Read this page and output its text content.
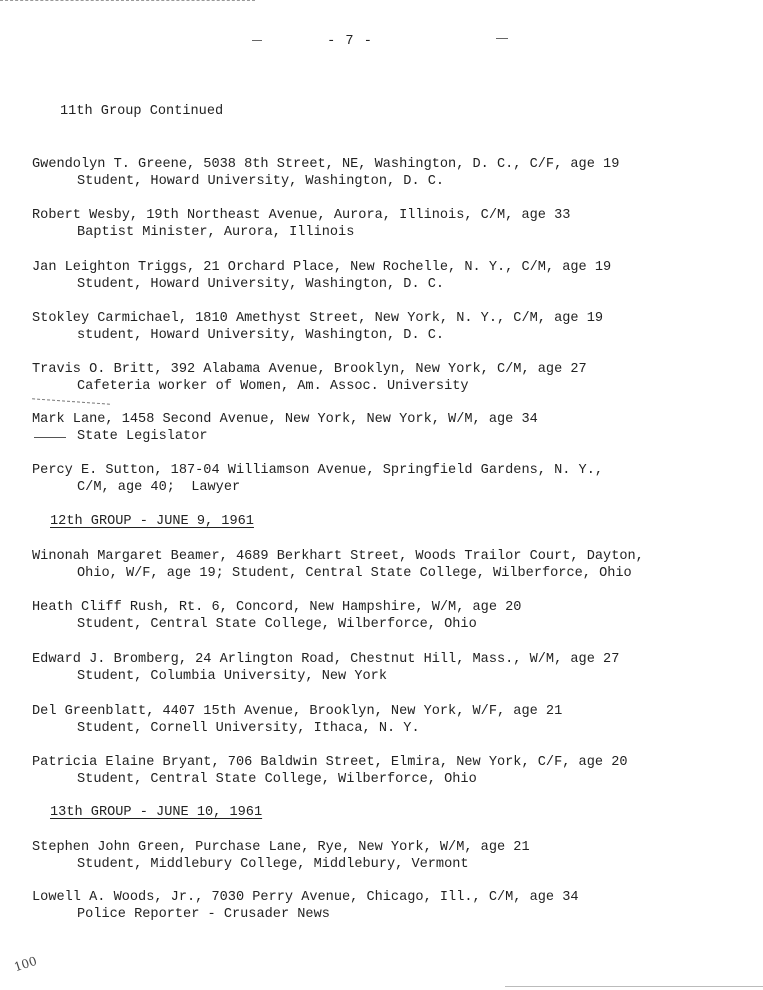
- 7 -
11th Group Continued
Gwendolyn T. Greene, 5038 8th Street, NE, Washington, D. C., C/F, age 19
Student, Howard University, Washington, D. C.
Robert Wesby, 19th Northeast Avenue, Aurora, Illinois, C/M, age 33
Baptist Minister, Aurora, Illinois
Jan Leighton Triggs, 21 Orchard Place, New Rochelle, N. Y., C/M, age 19
Student, Howard University, Washington, D. C.
Stokley Carmichael, 1810 Amethyst Street, New York, N. Y., C/M, age 19
student, Howard University, Washington, D. C.
Travis O. Britt, 392 Alabama Avenue, Brooklyn, New York, C/M, age 27
Cafeteria worker of Women, Am. Assoc. University
Mark Lane, 1458 Second Avenue, New York, New York, W/M, age 34
State Legislator
Percy E. Sutton, 187-04 Williamson Avenue, Springfield Gardens, N. Y.,
C/M, age 40;  Lawyer
12th GROUP - JUNE 9, 1961
Winonah Margaret Beamer, 4689 Berkhart Street, Woods Trailor Court, Dayton,
Ohio, W/F, age 19; Student, Central State College, Wilberforce, Ohio
Heath Cliff Rush, Rt. 6, Concord, New Hampshire, W/M, age 20
Student, Central State College, Wilberforce, Ohio
Edward J. Bromberg, 24 Arlington Road, Chestnut Hill, Mass., W/M, age 27
Student, Columbia University, New York
Del Greenblatt, 4407 15th Avenue, Brooklyn, New York, W/F, age 21
Student, Cornell University, Ithaca, N. Y.
Patricia Elaine Bryant, 706 Baldwin Street, Elmira, New York, C/F, age 20
Student, Central State College, Wilberforce, Ohio
13th GROUP - JUNE 10, 1961
Stephen John Green, Purchase Lane, Rye, New York, W/M, age 21
Student, Middlebury College, Middlebury, Vermont
Lowell A. Woods, Jr., 7030 Perry Avenue, Chicago, Ill., C/M, age 34
Police Reporter - Crusader News
100
